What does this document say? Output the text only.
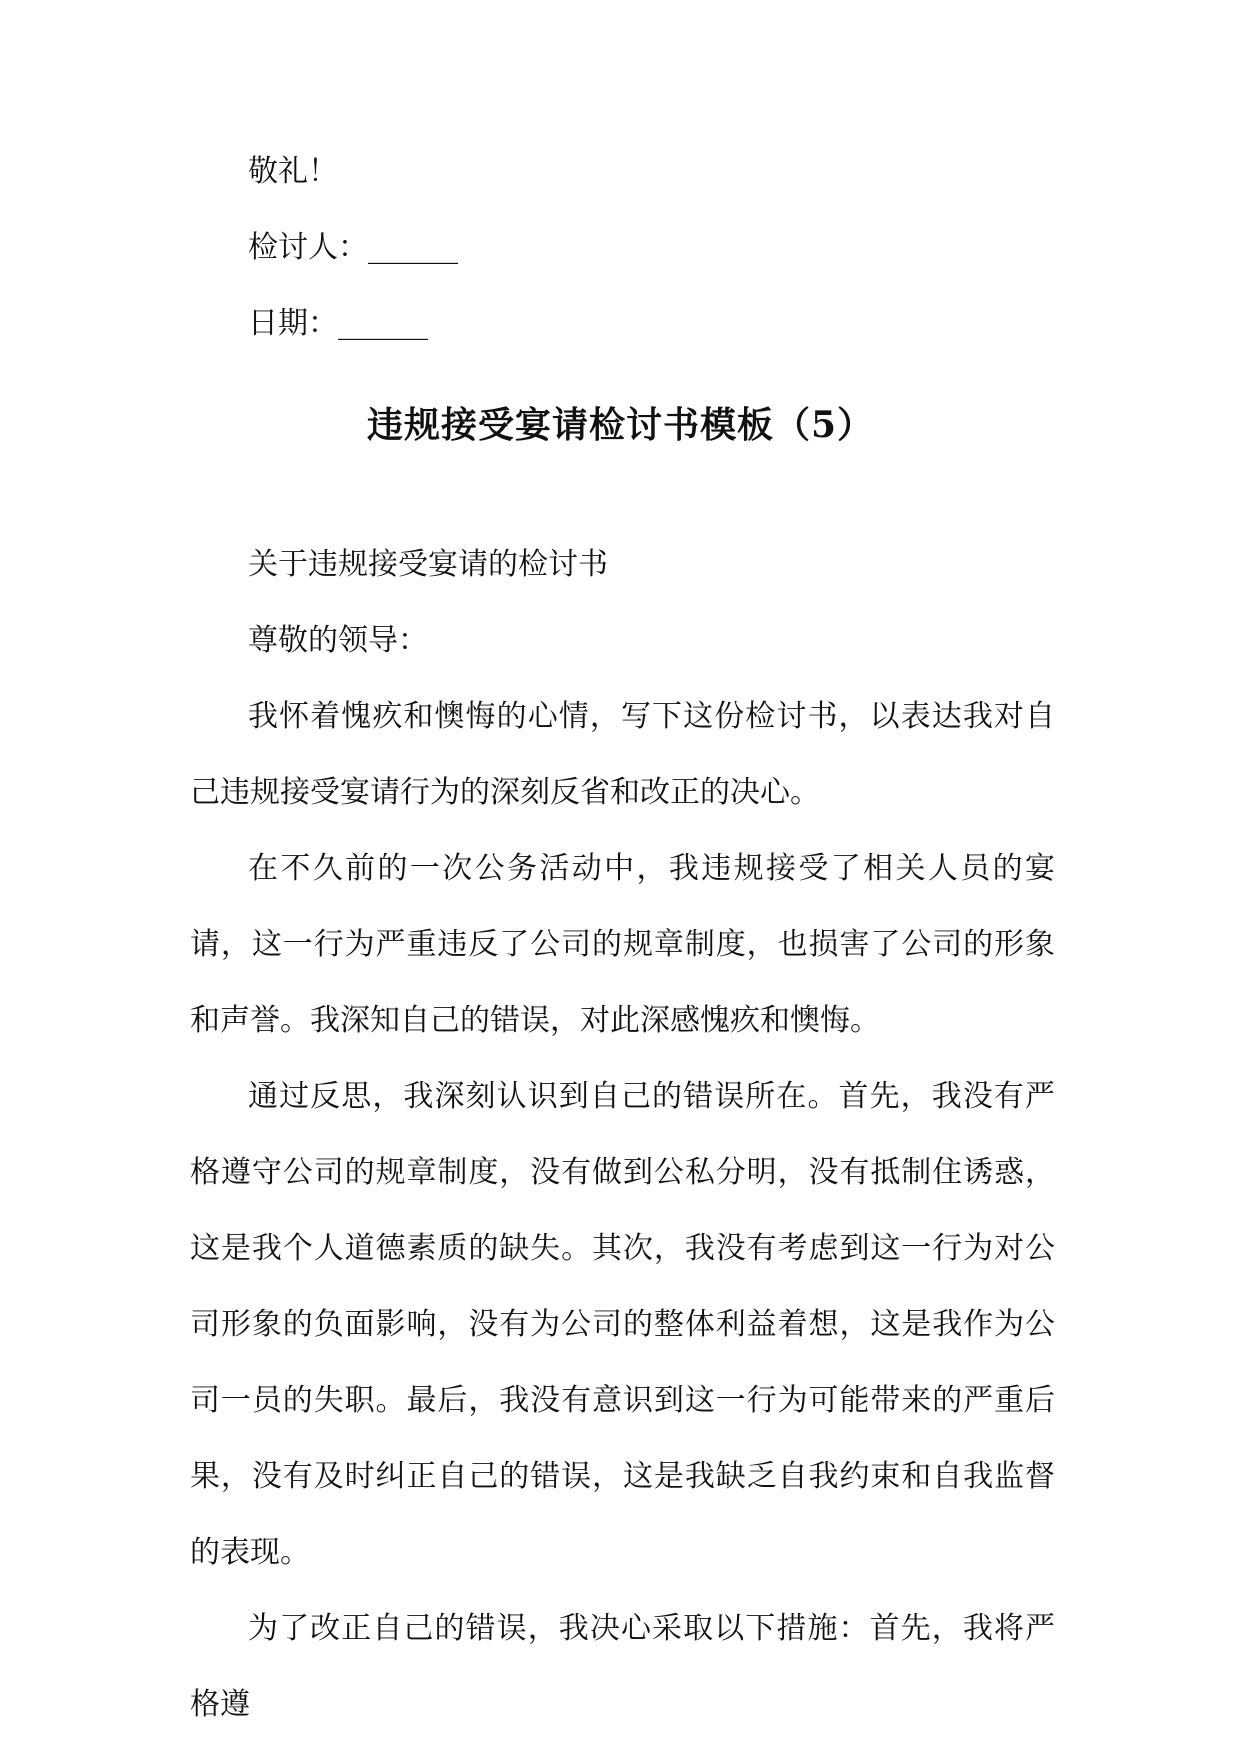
敬礼！

检讨人：______

日期：______

违规接受宴请检讨书模板（5）

关于违规接受宴请的检讨书

尊敬的领导：

我怀着愧疚和懊悔的心情，写下这份检讨书，以表达我对自己违规接受宴请行为的深刻反省和改正的决心。

在不久前的一次公务活动中，我违规接受了相关人员的宴请，这一行为严重违反了公司的规章制度，也损害了公司的形象和声誉。我深知自己的错误，对此深感愧疚和懊悔。

通过反思，我深刻认识到自己的错误所在。首先，我没有严格遵守公司的规章制度，没有做到公私分明，没有抵制住诱惑，这是我个人道德素质的缺失。其次，我没有考虑到这一行为对公司形象的负面影响，没有为公司的整体利益着想，这是我作为公司一员的失职。最后，我没有意识到这一行为可能带来的严重后果，没有及时纠正自己的错误，这是我缺乏自我约束和自我监督的表现。

为了改正自己的错误，我决心采取以下措施：首先，我将严格遵
